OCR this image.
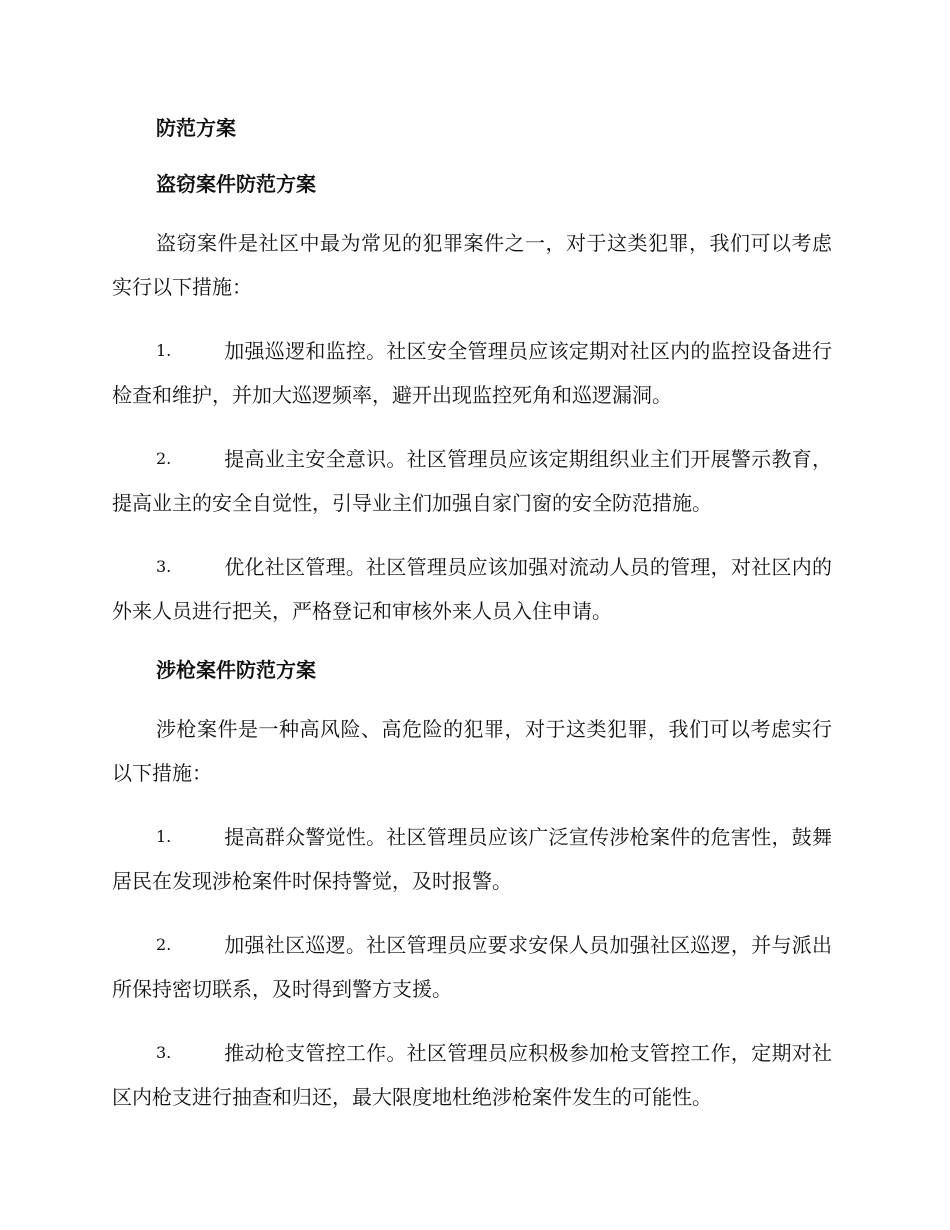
防范方案
盗窃案件防范方案

盗窃案件是社区中最为常见的犯罪案件之一，对于这类犯罪，我们可以考虑实行以下措施：

1.	加强巡逻和监控。社区安全管理员应该定期对社区内的监控设备进行检查和维护，并加大巡逻频率，避开出现监控死角和巡逻漏洞。

2.	提高业主安全意识。社区管理员应该定期组织业主们开展警示教育，提高业主的安全自觉性，引导业主们加强自家门窗的安全防范措施。

3.	优化社区管理。社区管理员应该加强对流动人员的管理，对社区内的外来人员进行把关，严格登记和审核外来人员入住申请。

涉枪案件防范方案

涉枪案件是一种高风险、高危险的犯罪，对于这类犯罪，我们可以考虑实行以下措施：

1.	提高群众警觉性。社区管理员应该广泛宣传涉枪案件的危害性，鼓舞居民在发现涉枪案件时保持警觉，及时报警。

2.	加强社区巡逻。社区管理员应要求安保人员加强社区巡逻，并与派出所保持密切联系，及时得到警方支援。

3.	推动枪支管控工作。社区管理员应积极参加枪支管控工作，定期对社区内枪支进行抽查和归还，最大限度地杜绝涉枪案件发生的可能性。
